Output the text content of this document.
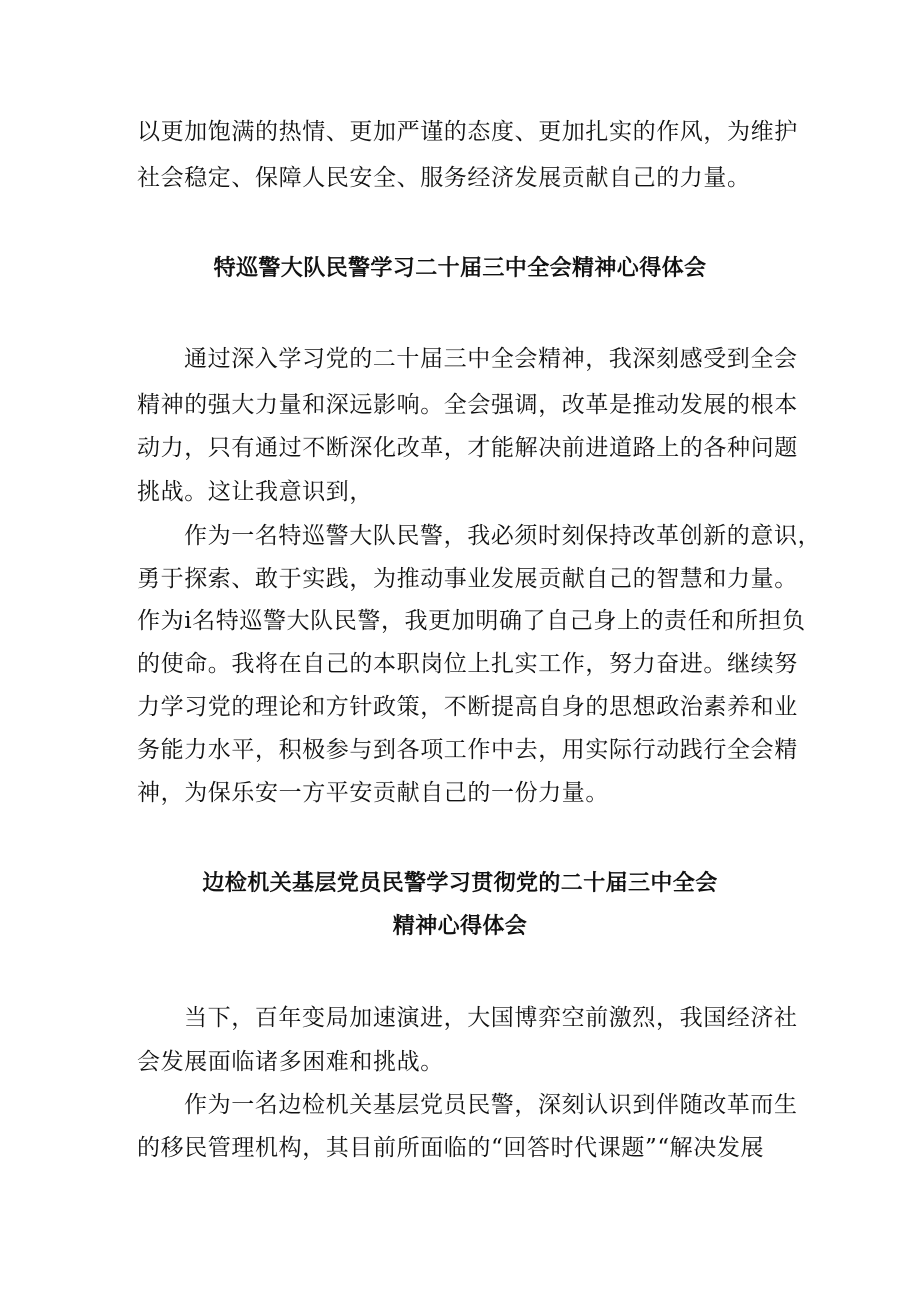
以更加饱满的热情、更加严谨的态度、更加扎实的作风，为维护
社会稳定、保障人民安全、服务经济发展贡献自己的力量。
特巡警大队民警学习二十届三中全会精神心得体会
通过深入学习党的二十届三中全会精神，我深刻感受到全会
精神的强大力量和深远影响。全会强调，改革是推动发展的根本
动力，只有通过不断深化改革，才能解决前进道路上的各种问题
挑战。这让我意识到，
作为一名特巡警大队民警，我必须时刻保持改革创新的意识，
勇于探索、敢于实践，为推动事业发展贡献自己的智慧和力量。
作为i名特巡警大队民警，我更加明确了自己身上的责任和所担负
的使命。我将在自己的本职岗位上扎实工作，努力奋进。继续努
力学习党的理论和方针政策，不断提高自身的思想政治素养和业
务能力水平，积极参与到各项工作中去，用实际行动践行全会精
神，为保乐安一方平安贡献自己的一份力量。
边检机关基层党员民警学习贯彻党的二十届三中全会
精神心得体会
当下，百年变局加速演进，大国博弈空前激烈，我国经济社
会发展面临诸多困难和挑战。
作为一名边检机关基层党员民警，深刻认识到伴随改革而生
的移民管理机构，其目前所面临的“回答时代课题”“解决发展
